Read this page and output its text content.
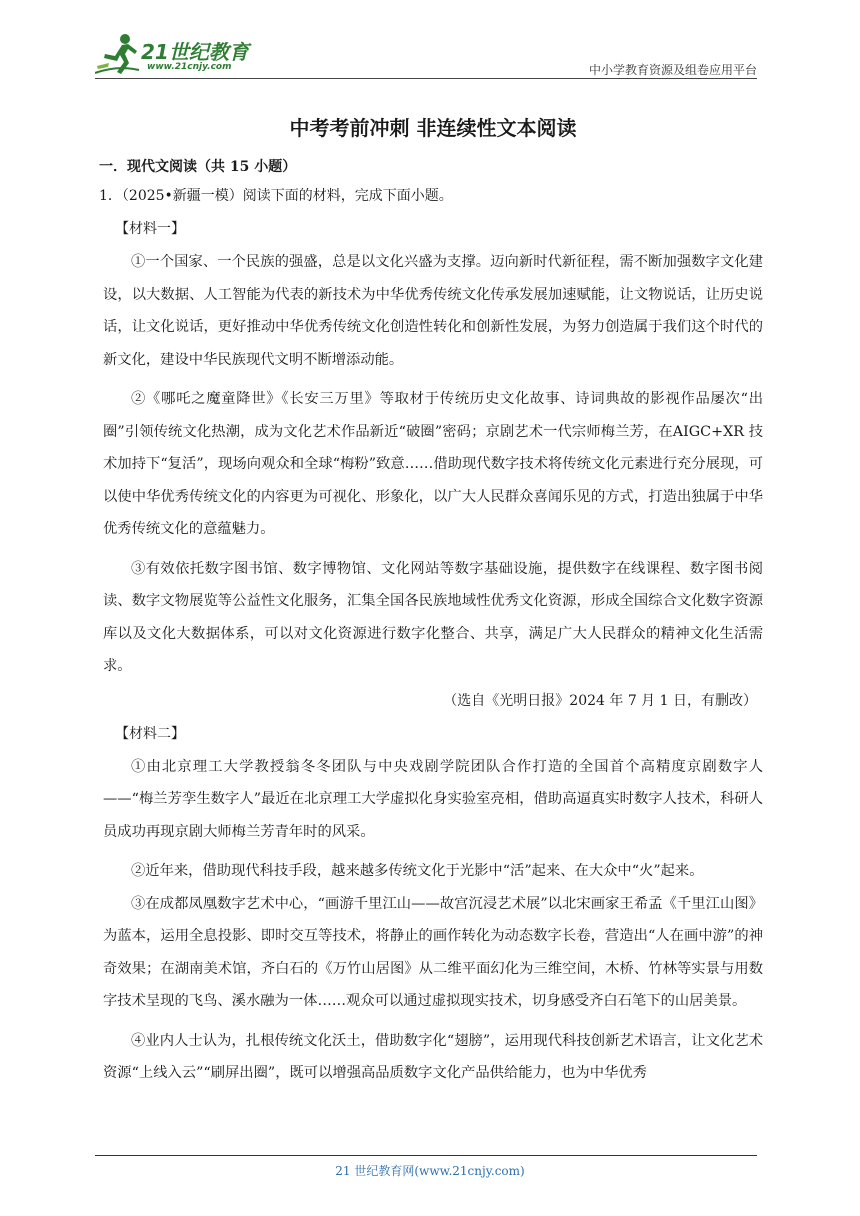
21世纪教育
www.21cnjy.com	中小学教育资源及组卷应用平台
中考考前冲刺 非连续性文本阅读
一．现代文阅读（共 15 小题）
1．（2025•新疆一模）阅读下面的材料，完成下面小题。
【材料一】

①一个国家、一个民族的强盛，总是以文化兴盛为支撑。迈向新时代新征程，需不断加强数字文化建设，以大数据、人工智能为代表的新技术为中华优秀传统文化传承发展加速赋能，让文物说话，让历史说话，让文化说话，更好推动中华优秀传统文化创造性转化和创新性发展，为努力创造属于我们这个时代的新文化，建设中华民族现代文明不断增添动能。

②《哪吒之魔童降世》《长安三万里》等取材于传统历史文化故事、诗词典故的影视作品屡次“出圈”引领传统文化热潮，成为文化艺术作品新近“破圈”密码；京剧艺术一代宗师梅兰芳，在AIGC+XR 技术加持下“复活”，现场向观众和全球“梅粉”致意……借助现代数字技术将传统文化元素进行充分展现，可以使中华优秀传统文化的内容更为可视化、形象化，以广大人民群众喜闻乐见的方式，打造出独属于中华优秀传统文化的意蕴魅力。

③有效依托数字图书馆、数字博物馆、文化网站等数字基础设施，提供数字在线课程、数字图书阅读、数字文物展览等公益性文化服务，汇集全国各民族地域性优秀文化资源，形成全国综合文化数字资源库以及文化大数据体系，可以对文化资源进行数字化整合、共享，满足广大人民群众的精神文化生活需求。

（选自《光明日报》2024 年 7 月 1 日，有删改）
【材料二】

①由北京理工大学教授翁冬冬团队与中央戏剧学院团队合作打造的全国首个高精度京剧数字人——“梅兰芳孪生数字人”最近在北京理工大学虚拟化身实验室亮相，借助高逼真实时数字人技术，科研人员成功再现京剧大师梅兰芳青年时的风采。

②近年来，借助现代科技手段，越来越多传统文化于光影中“活”起来、在大众中“火”起来。

③在成都凤凰数字艺术中心，“画游千里江山——故宫沉浸艺术展”以北宋画家王希孟《千里江山图》为蓝本，运用全息投影、即时交互等技术，将静止的画作转化为动态数字长卷，营造出“人在画中游”的神奇效果；在湖南美术馆，齐白石的《万竹山居图》从二维平面幻化为三维空间，木桥、竹林等实景与用数字技术呈现的飞鸟、溪水融为一体……观众可以通过虚拟现实技术，切身感受齐白石笔下的山居美景。

④业内人士认为，扎根传统文化沃土，借助数字化“翅膀”，运用现代科技创新艺术语言，让文化艺术资源“上线入云”“刷屏出圈”，既可以增强高品质数字文化产品供给能力，也为中华优秀

21 世纪教育网(www.21cnjy.com)
